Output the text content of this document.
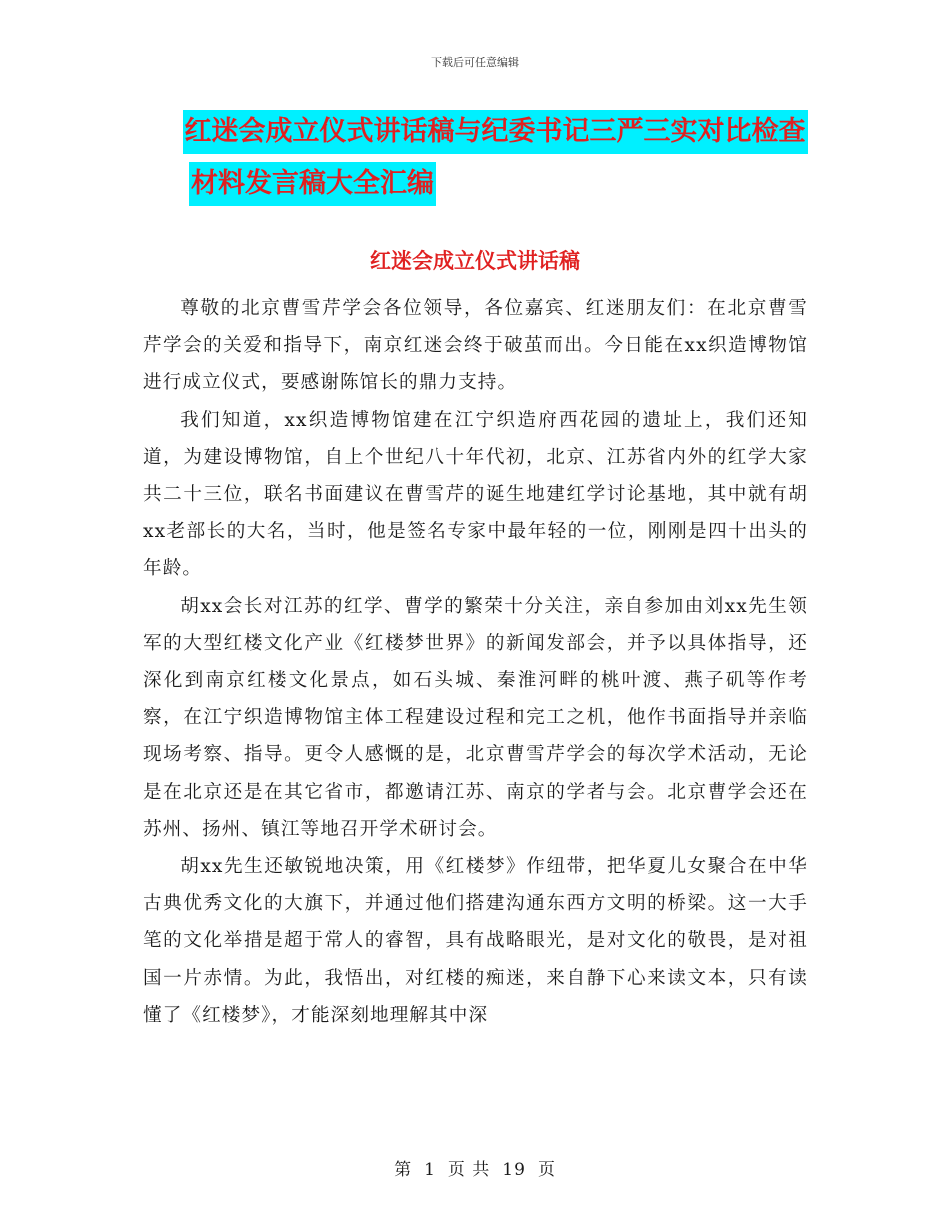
下载后可任意编辑
红迷会成立仪式讲话稿与纪委书记三严三实对比检查
材料发言稿大全汇编
红迷会成立仪式讲话稿

尊敬的北京曹雪芹学会各位领导，各位嘉宾、红迷朋友们：在北京曹雪芹学会的关爱和指导下，南京红迷会终于破茧而出。今日能在xx织造博物馆进行成立仪式，要感谢陈馆长的鼎力支持。

我们知道，xx织造博物馆建在江宁织造府西花园的遗址上，我们还知道，为建设博物馆，自上个世纪八十年代初，北京、江苏省内外的红学大家共二十三位，联名书面建议在曹雪芹的诞生地建红学讨论基地，其中就有胡xx老部长的大名，当时，他是签名专家中最年轻的一位，刚刚是四十出头的年龄。

胡xx会长对江苏的红学、曹学的繁荣十分关注，亲自参加由刘xx先生领军的大型红楼文化产业《红楼梦世界》的新闻发部会，并予以具体指导，还深化到南京红楼文化景点，如石头城、秦淮河畔的桃叶渡、燕子矶等作考察，在江宁织造博物馆主体工程建设过程和完工之机，他作书面指导并亲临现场考察、指导。更令人感慨的是，北京曹雪芹学会的每次学术活动，无论是在北京还是在其它省市，都邀请江苏、南京的学者与会。北京曹学会还在苏州、扬州、镇江等地召开学术研讨会。

胡xx先生还敏锐地决策，用《红楼梦》作纽带，把华夏儿女聚合在中华古典优秀文化的大旗下，并通过他们搭建沟通东西方文明的桥梁。这一大手笔的文化举措是超于常人的睿智，具有战略眼光，是对文化的敬畏，是对祖国一片赤情。为此，我悟出，对红楼的痴迷，来自静下心来读文本，只有读懂了《红楼梦》，才能深刻地理解其中深

第 1 页 共 19 页
